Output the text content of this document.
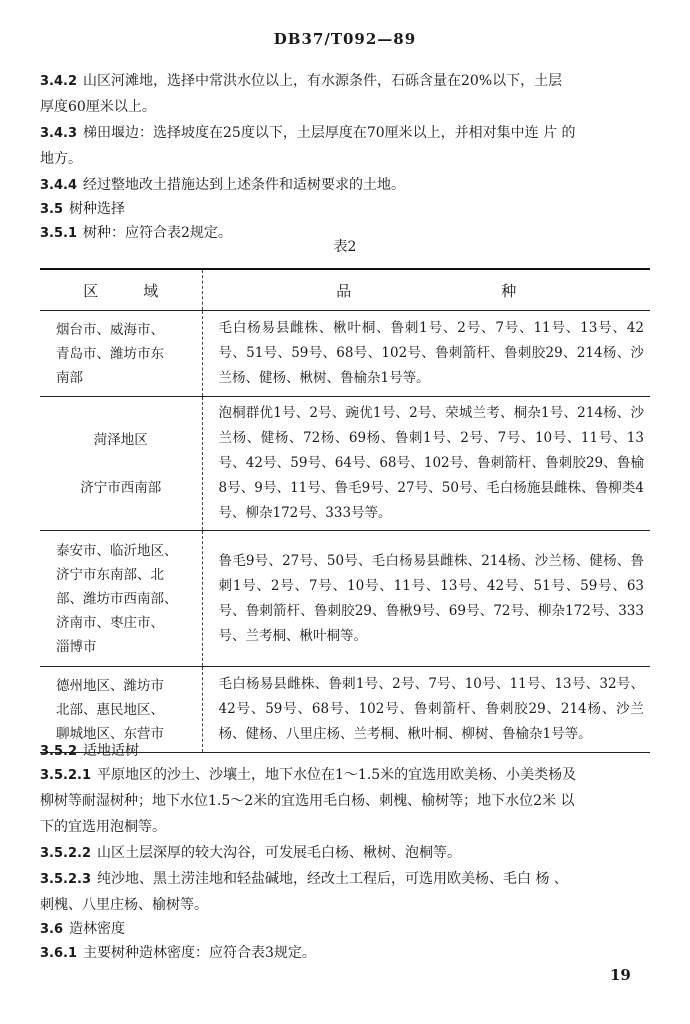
DB37/T092—89
3.4.2 山区河滩地，选择中常洪水位以上，有水源条件，石砾含量在20%以下，土层
厚度60厘米以上。
3.4.3 梯田堰边：选择坡度在25度以下，土层厚度在70厘米以上，并相对集中连 片 的
地方。
3.4.4 经过整地改土措施达到上述条件和适树要求的土地。
3.5 树种选择
3.5.1 树种：应符合表2规定。
表2
区　　　域	品　　　　　　　　　　种

烟台市、威海市、
青岛市、潍坊市东
南部	毛白杨易县雌株、楸叶桐、鲁刺1号、2号、7号、11号、13号、42号、51号、59号、68号、102号、鲁刺箭杆、鲁刺胶29、214杨、沙兰杨、健杨、楸树、鲁榆杂1号等。

菏泽地区

济宁市西南部	泡桐群优1号、2号、豌优1号、2号、荣城兰考、桐杂1号、214杨、沙兰杨、健杨、72杨、69杨、鲁刺1号、2号、7号、10号、11号、13号、42号、59号、64号、68号、102号、鲁刺箭杆、鲁刺胶29、鲁榆8号、9号、11号、鲁毛9号、27号、50号、毛白杨施县雌株、鲁柳类4号、柳杂172号、333号等。

泰安市、临沂地区、
济宁市东南部、北
部、潍坊市西南部、
济南市、枣庄市、
淄博市	鲁毛9号、27号、50号、毛白杨易县雌株、214杨、沙兰杨、健杨、鲁刺1号、2号、7号、10号、11号、13号、42号、51号、59号、63号、鲁刺箭杆、鲁刺胶29、鲁楸9号、69号、72号、柳杂172号、333号、兰考桐、楸叶桐等。

德州地区、潍坊市
北部、惠民地区、
聊城地区、东营市	毛白杨易县雌株、鲁刺1号、2号、7号、10号、11号、13号、32号、42号、59号、68号、102号、鲁刺箭杆、鲁刺胶29、214杨、沙兰杨、健杨、八里庄杨、兰考桐、楸叶桐、柳树、鲁榆杂1号等。
3.5.2 适地适树
3.5.2.1 平原地区的沙土、沙壤土，地下水位在1～1.5米的宜选用欧美杨、小美类杨及
柳树等耐湿树种；地下水位1.5～2米的宜选用毛白杨、刺槐、榆树等；地下水位2米 以
下的宜选用泡桐等。
3.5.2.2 山区土层深厚的较大沟谷，可发展毛白杨、楸树、泡桐等。
3.5.2.3 纯沙地、黑土涝洼地和轻盐碱地，经改土工程后，可选用欧美杨、毛白 杨 、
刺槐、八里庄杨、榆树等。
3.6 造林密度
3.6.1 主要树种造林密度：应符合表3规定。
19
